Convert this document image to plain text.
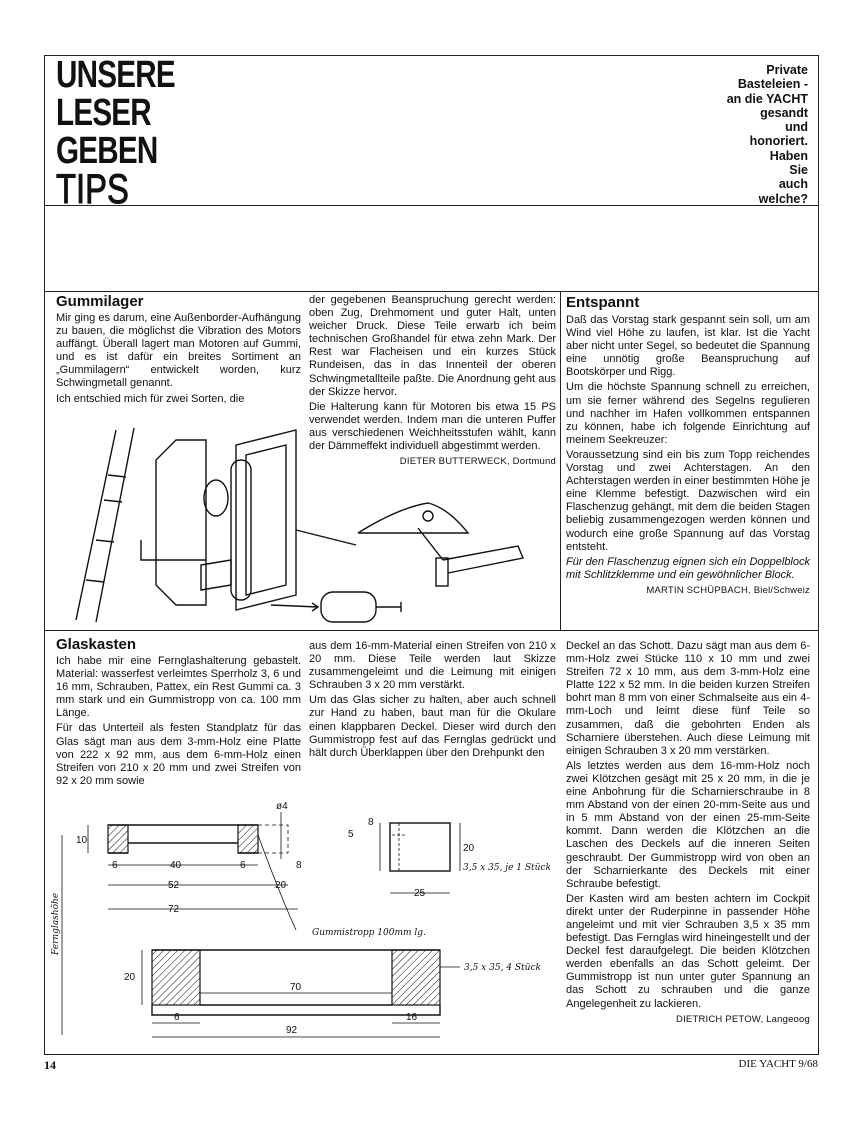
UNSERE
LESER
GEBEN
TIPS
Private
Basteleien -
an die YACHT
gesandt
und
honoriert.
Haben
Sie
auch
welche?
Gummilager

Mir ging es darum, eine Außenborder-Aufhängung zu bauen, die möglichst die Vibration des Motors auffängt. Überall lagert man Motoren auf Gummi, und es ist dafür ein breites Sortiment an „Gummilagern“ entwickelt worden, kurz Schwingmetall genannt.

Ich entschied mich für zwei Sorten, die

der gegebenen Beanspruchung gerecht werden: oben Zug, Drehmoment und guter Halt, unten weicher Druck. Diese Teile erwarb ich beim technischen Großhandel für etwa zehn Mark. Der Rest war Flacheisen und ein kurzes Stück Rundeisen, das in das Innenteil der oberen Schwingmetallteile paßte. Die Anordnung geht aus der Skizze hervor.

Die Halterung kann für Motoren bis etwa 15 PS verwendet werden. Indem man die unteren Puffer aus verschiedenen Weichheitsstufen wählt, kann der Dämmeffekt individuell abgestimmt werden.

DIETER BUTTERWECK, Dortmund
Entspannt

Daß das Vorstag stark gespannt sein soll, um am Wind viel Höhe zu laufen, ist klar. Ist die Yacht aber nicht unter Segel, so bedeutet die Spannung eine unnötig große Beanspruchung auf Bootskörper und Rigg.

Um die höchste Spannung schnell zu erreichen, um sie ferner während des Segelns regulieren und nachher im Hafen vollkommen entspannen zu können, habe ich folgende Einrichtung auf meinem Seekreuzer:

Voraussetzung sind ein bis zum Topp reichendes Vorstag und zwei Achterstagen. An den Achterstagen werden in einer bestimmten Höhe je eine Klemme befestigt. Dazwischen wird ein Flaschenzug gehängt, mit dem die beiden Stagen beliebig zusammengezogen werden können und wodurch eine große Spannung auf das Vorstag entsteht.

Für den Flaschenzug eignen sich ein Doppelblock mit Schlitzklemme und ein gewöhnlicher Block.

MARTIN SCHÜPBACH, Biel/Schweiz
Glaskasten

Ich habe mir eine Fernglashalterung gebastelt. Material: wasserfest verleimtes Sperrholz 3, 6 und 16 mm, Schrauben, Pattex, ein Rest Gummi ca. 3 mm stark und ein Gummistropp von ca. 100 mm Länge.

Für das Unterteil als festen Standplatz für das Glas sägt man aus dem 3-mm-Holz eine Platte von 222 x 92 mm, aus dem 6-mm-Holz einen Streifen von 210 x 20 mm und zwei Streifen von 92 x 20 mm sowie

aus dem 16-mm-Material einen Streifen von 210 x 20 mm. Diese Teile werden laut Skizze zusammengeleimt und die Leimung mit einigen Schrauben 3 x 20 mm verstärkt.

Um das Glas sicher zu halten, aber auch schnell zur Hand zu haben, baut man für die Okulare einen klappbaren Deckel. Dieser wird durch den Gummistropp fest auf das Fernglas gedrückt und hält durch Überklappen über den Drehpunkt den

Deckel an das Schott. Dazu sägt man aus dem 6-mm-Holz zwei Stücke 110 x 10 mm und zwei Streifen 72 x 10 mm, aus dem 3-mm-Holz eine Platte 122 x 52 mm. In die beiden kurzen Streifen bohrt man 8 mm von einer Schmalseite aus ein 4-mm-Loch und leimt diese fünf Teile so zusammen, daß die gebohrten Enden als Scharniere überstehen. Auch diese Leimung mit einigen Schrauben 3 x 20 mm verstärken.

Als letztes werden aus dem 16-mm-Holz noch zwei Klötzchen gesägt mit 25 x 20 mm, in die je eine Anbohrung für die Scharnierschraube in 8 mm Abstand von der einen 20-mm-Seite aus und in 5 mm Abstand von der einen 25-mm-Seite kommt. Dann werden die Klötzchen an die Laschen des Deckels auf die inneren Seiten geschraubt. Der Gummistropp wird von oben an der Scharnierkante des Deckels mit einer Schraube befestigt.

Der Kasten wird am besten achtern im Cockpit direkt unter der Ruderpinne in passender Höhe angeleimt und mit vier Schrauben 3,5 x 35 mm befestigt. Das Fernglas wird hineingestellt und der Deckel fest daraufgelegt. Die beiden Klötzchen werden ebenfalls an das Schott geleimt. Der Gummistropp ist nun unter guter Spannung an das Schott zu schrauben und die ganze Angelegenheit zu lackieren.

DIETRICH PETOW, Langeoog
ø4
6	40	6	8
52	20
72
10
Fernglashöhe	Gummistropp 100mm lg.
8
5
20
25
3,5 x 35, je 1 Stück
20
70
6	16
92
3,5 x 35, 4 Stück
14	DIE YACHT 9/68
